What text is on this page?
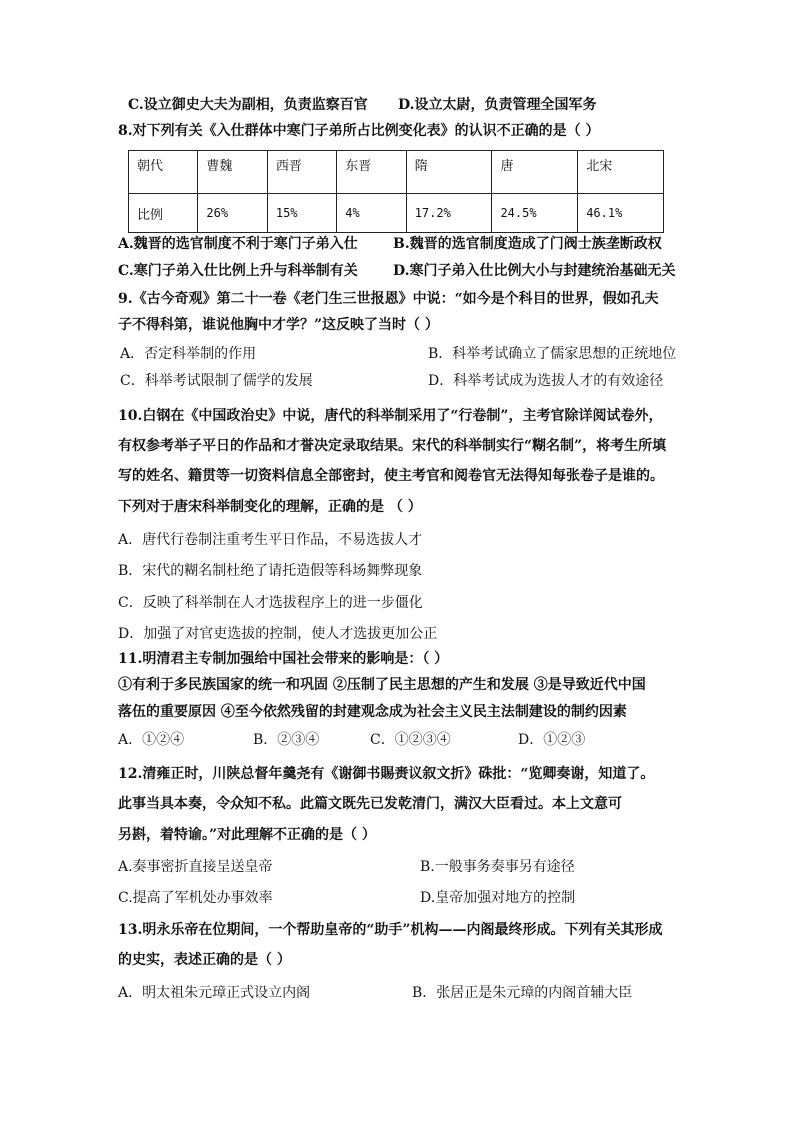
C.设立御史大夫为副相，负责监察百官 D.设立太尉，负责管理全国军务
8.对下列有关《入仕群体中寒门子弟所占比例变化表》的认识不正确的是（ ）
朝代	曹魏	西晋	东晋	隋	唐	北宋
比例	26%	15%	4%	17.2%	24.5%	46.1%
A.魏晋的选官制度不利于寒门子弟入仕	B.魏晋的选官制度造成了门阀士族垄断政权
C.寒门子弟入仕比例上升与科举制有关	D.寒门子弟入仕比例大小与封建统治基础无关
9.《古今奇观》第二十一卷《老门生三世报恩》中说：“如今是个科目的世界，假如孔夫
子不得科第，谁说他胸中才学？”这反映了当时（ ）
A．否定科举制的作用	B．科举考试确立了儒家思想的正统地位
C．科举考试限制了儒学的发展	D．科举考试成为选拔人才的有效途径
10.白钢在《中国政治史》中说，唐代的科举制采用了“行卷制”，主考官除详阅试卷外，
有权参考举子平日的作品和才誉决定录取结果。宋代的科举制实行“糊名制”，将考生所填
写的姓名、籍贯等一切资料信息全部密封，使主考官和阅卷官无法得知每张卷子是谁的。
下列对于唐宋科举制变化的理解，正确的是 （ ）
A．唐代行卷制注重考生平日作品，不易选拔人才
B．宋代的糊名制杜绝了请托造假等科场舞弊现象
C．反映了科举制在人才选拔程序上的进一步僵化
D．加强了对官吏选拔的控制，使人才选拔更加公正
11.明清君主专制加强给中国社会带来的影响是：（ ）
①有利于多民族国家的统一和巩固 ②压制了民主思想的产生和发展 ③是导致近代中国
落伍的重要原因 ④至今依然残留的封建观念成为社会主义民主法制建设的制约因素
A．①②④	B．②③④	C．①②③④	D．①②③
12.清雍正时，川陕总督年羹尧有《谢御书賜赉议叙文折》硃批：“览卿奏谢，知道了。
此事当具本奏，令众知不私。此篇文既先已发乾清门，满汉大臣看过。本上文意可
另斟，着特谕。”对此理解不正确的是（ ）
A.奏事密折直接呈送皇帝	B.一般事务奏事另有途径
C.提高了军机处办事效率	D.皇帝加强对地方的控制
13.明永乐帝在位期间，一个帮助皇帝的“助手”机构——内阁最终形成。下列有关其形成
的史实，表述正确的是（ ）
A．明太祖朱元璋正式设立内阁	B．张居正是朱元璋的内阁首辅大臣
